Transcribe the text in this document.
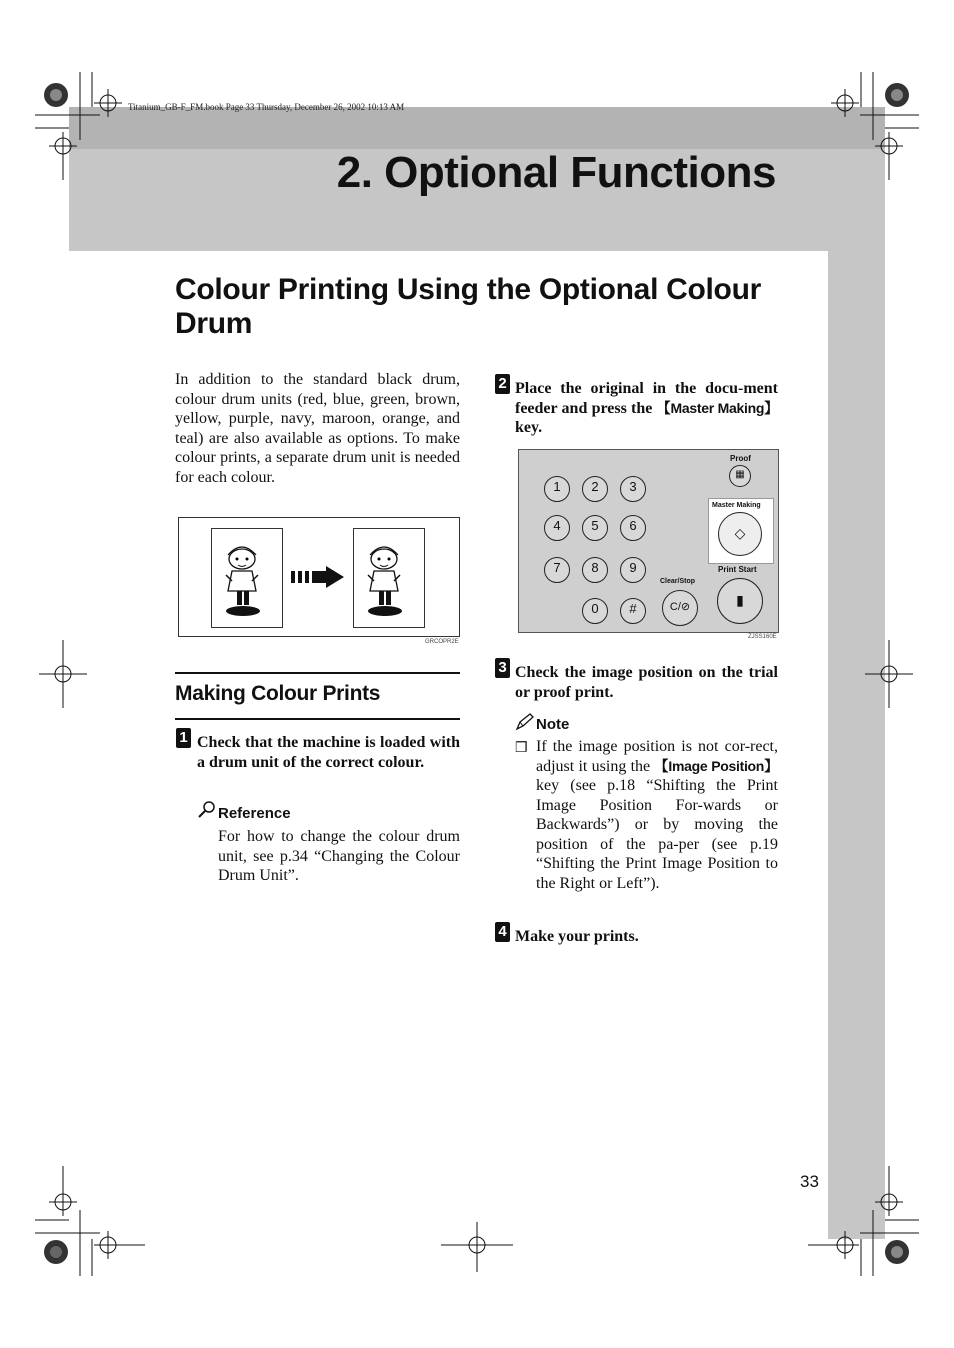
Titanium_GB-F_FM.book Page 33 Thursday, December 26, 2002 10:13 AM
2. Optional Functions
Colour Printing Using the Optional Colour Drum
In addition to the standard black drum, colour drum units (red, blue, green, brown, yellow, purple, navy, maroon, orange, and teal) are also available as options. To make colour prints, a separate drum unit is needed for each colour.
GRCOPR2E
Making Colour Prints
1 Check that the machine is loaded with a drum unit of the correct colour.
Reference
For how to change the colour drum unit, see p.34 “Changing the Colour Drum Unit”.
2 Place the original in the docu-ment feeder and press the 【Master Making】 key.
1	2	3
4	5	6
7	8	9
0	#
Proof
▦
Master Making
◇
Print Start
▮
Clear/Stop
C/⊘
ZJSS160E
3 Check the image position on the trial or proof print.
Note
❒ If the image position is not cor-rect, adjust it using the 【Image Position】 key (see p.18 “Shifting the Print Image Position For-wards or Backwards”) or by moving the position of the pa-per (see p.19 “Shifting the Print Image Position to the Right or Left”).
4 Make your prints.
33
